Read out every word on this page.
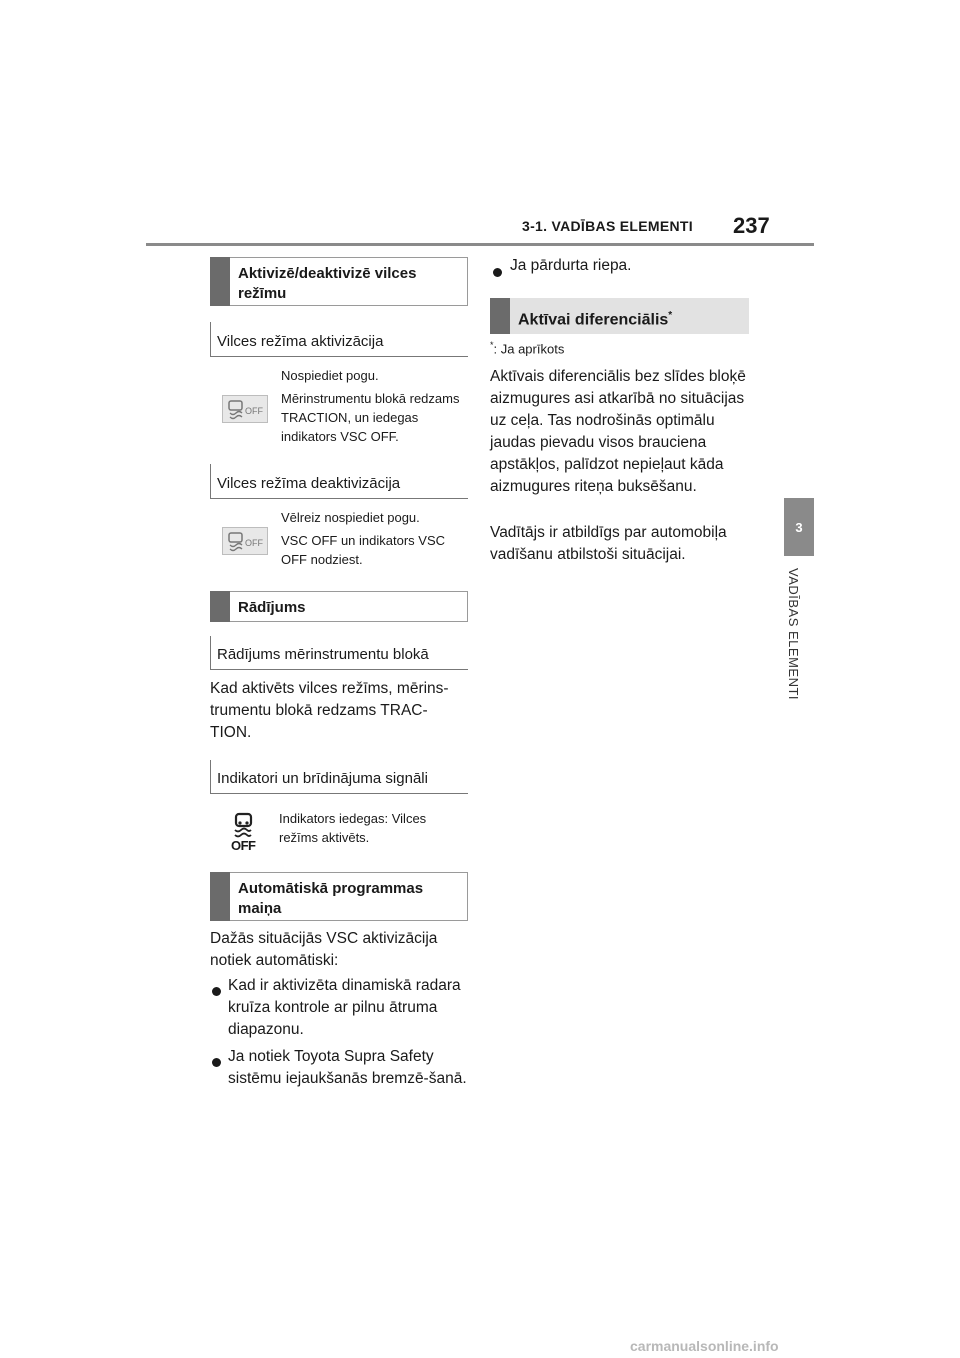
3-1. VADĪBAS ELEMENTI 237
3
VADĪBAS ELEMENTI
Aktivizē/deaktivizē vilces režīmu
Vilces režīma aktivizācija
Nospiediet pogu.
OFF
Mērinstrumentu blokā redzams TRACTION, un iedegas indikators VSC OFF.
Vilces režīma deaktivizācija
Vēlreiz nospiediet pogu.
OFF VSC OFF un indikators VSC OFF nodziest.
Rādījums
Rādījums mērinstrumentu blokā
Kad aktivēts vilces režīms, mērins-trumentu blokā redzams TRAC-TION.
Indikatori un brīdinājuma signāli
OFF
Indikators iedegas: Vilces režīms aktivēts.
Automātiskā programmas maiņa
Dažās situācijās VSC aktivizācija notiek automātiski:
Kad ir aktivizēta dinamiskā radara kruīza kontrole ar pilnu ātruma diapazonu.
Ja notiek Toyota Supra Safety sistēmu iejaukšanās bremzē-šanā.
Ja pārdurta riepa.
Aktīvai diferenciālis*
*: Ja aprīkots
Aktīvais diferenciālis bez slīdes bloķē aizmugures asi atkarībā no situācijas uz ceļa. Tas nodrošinās optimālu jaudas pievadu visos brauciena apstākļos, palīdzot nepieļaut kāda aizmugures riteņa buksēšanu.
Vadītājs ir atbildīgs par automobiļa vadīšanu atbilstoši situācijai.
carmanualsonline.info
